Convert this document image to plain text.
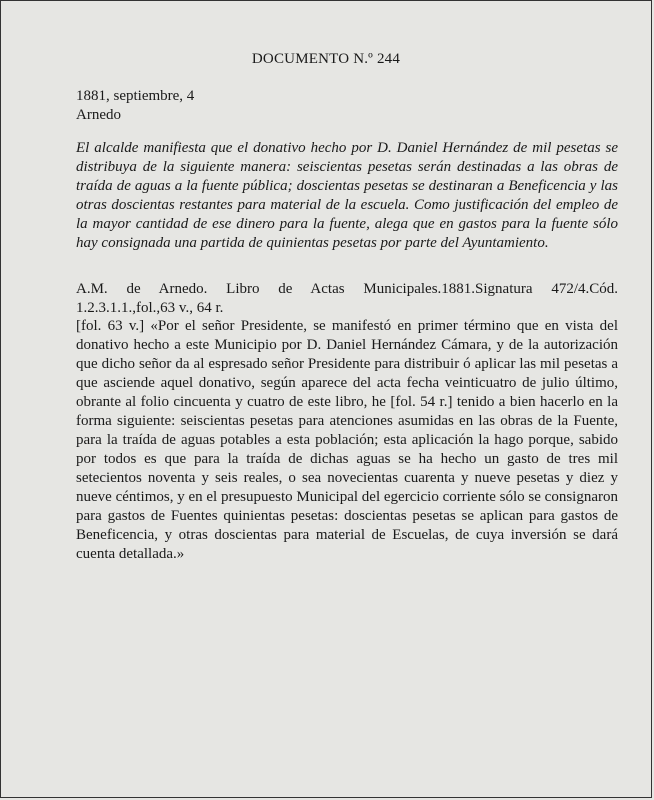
DOCUMENTO N.º 244
1881, septiembre, 4
Arnedo
El alcalde manifiesta que el donativo hecho por D. Daniel Hernández de mil pesetas se distribuya de la siguiente manera: seiscientas pesetas serán destinadas a las obras de traída de aguas a la fuente pública; doscientas pesetas se destinaran a Beneficencia y las otras doscientas restantes para material de la escuela. Como justificación del empleo de la mayor cantidad de ese dinero para la fuente, alega que en gastos para la fuente sólo hay consignada una partida de quinientas pesetas por parte del Ayuntamiento.
A.M. de Arnedo. Libro de Actas Municipales.1881.Signatura 472/4.Cód.
1.2.3.1.1.,fol.,63 v., 64 r.
[fol. 63 v.] «Por el señor Presidente, se manifestó en primer término que en vista del donativo hecho a este Municipio por D. Daniel Hernández Cámara, y de la autorización que dicho señor da al espresado señor Presidente para distribuir ó aplicar las mil pesetas a que asciende aquel donativo, según aparece del acta fecha veinticuatro de julio último, obrante al folio cincuenta y cuatro de este libro, he [fol. 54 r.] tenido a bien hacerlo en la forma siguiente: seiscientas pesetas para atenciones asumidas en las obras de la Fuente, para la traída de aguas potables a esta población; esta aplicación la hago porque, sabido por todos es que para la traída de dichas aguas se ha hecho un gasto de tres mil setecientos noventa y seis reales, o sea novecientas cuarenta y nueve pesetas y diez y nueve céntimos, y en el presupuesto Municipal del egercicio corriente sólo se consignaron para gastos de Fuentes quinientas pesetas: doscientas pesetas se aplican para gastos de Beneficencia, y otras doscientas para material de Escuelas, de cuya inversión se dará cuenta detallada.»
